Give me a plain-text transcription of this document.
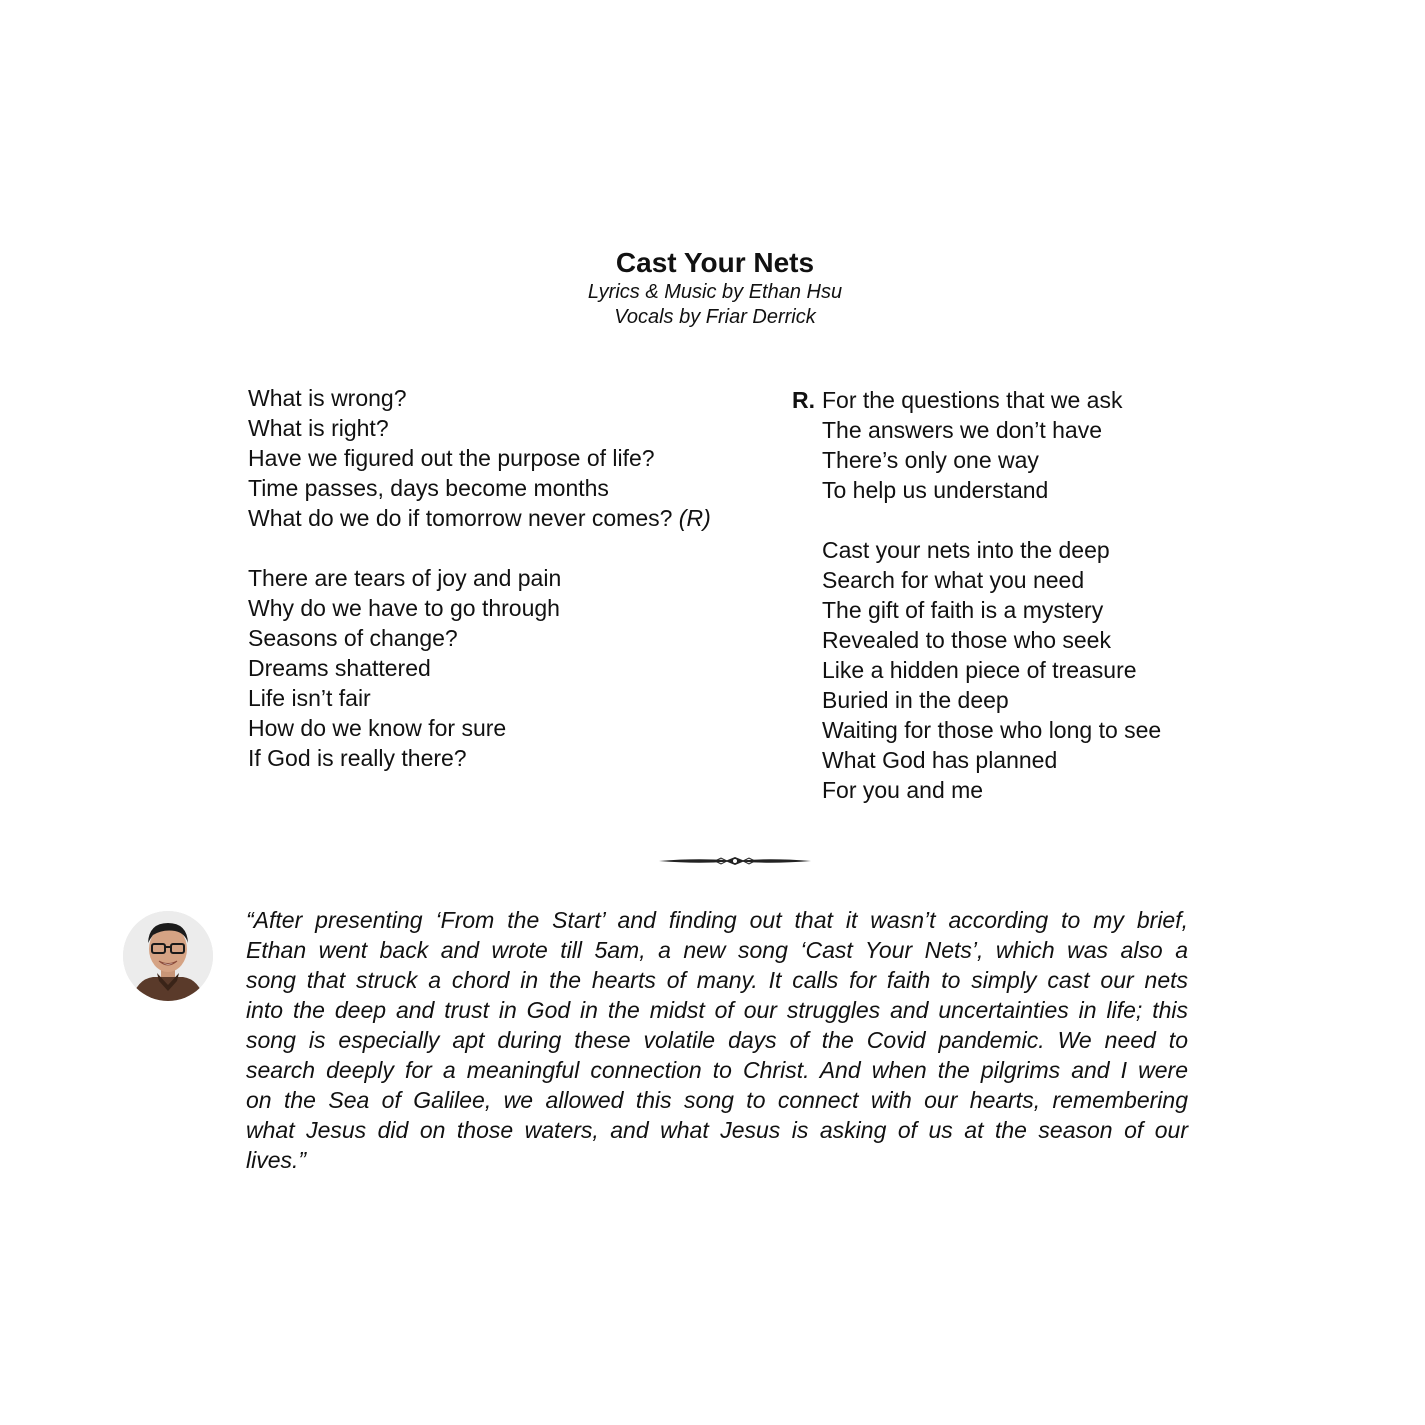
Cast Your Nets
Lyrics & Music by Ethan Hsu
Vocals by Friar Derrick
What is wrong?
What is right?
Have we figured out the purpose of life?
Time passes, days become months
What do we do if tomorrow never comes? (R)
There are tears of joy and pain
Why do we have to go through
Seasons of change?
Dreams shattered
Life isn’t fair
How do we know for sure
If God is really there?
R. For the questions that we ask
The answers we don’t have
There’s only one way
To help us understand
Cast your nets into the deep
Search for what you need
The gift of faith is a mystery
Revealed to those who seek
Like a hidden piece of treasure
Buried in the deep
Waiting for those who long to see
What God has planned
For you and me
“After presenting ‘From the Start’ and finding out that it wasn’t according to my brief,
Ethan went back and wrote till 5am, a new song ‘Cast Your Nets’, which was also a
song that struck a chord in the hearts of many. It calls for faith to simply cast our nets
into the deep and trust in God in the midst of our struggles and uncertainties in life; this
song is especially apt during these volatile days of the Covid pandemic. We need to
search deeply for a meaningful connection to Christ. And when the pilgrims and I were
on the Sea of Galilee, we allowed this song to connect with our hearts, remembering
what Jesus did on those waters, and what Jesus is asking of us at the season of our
lives.”
